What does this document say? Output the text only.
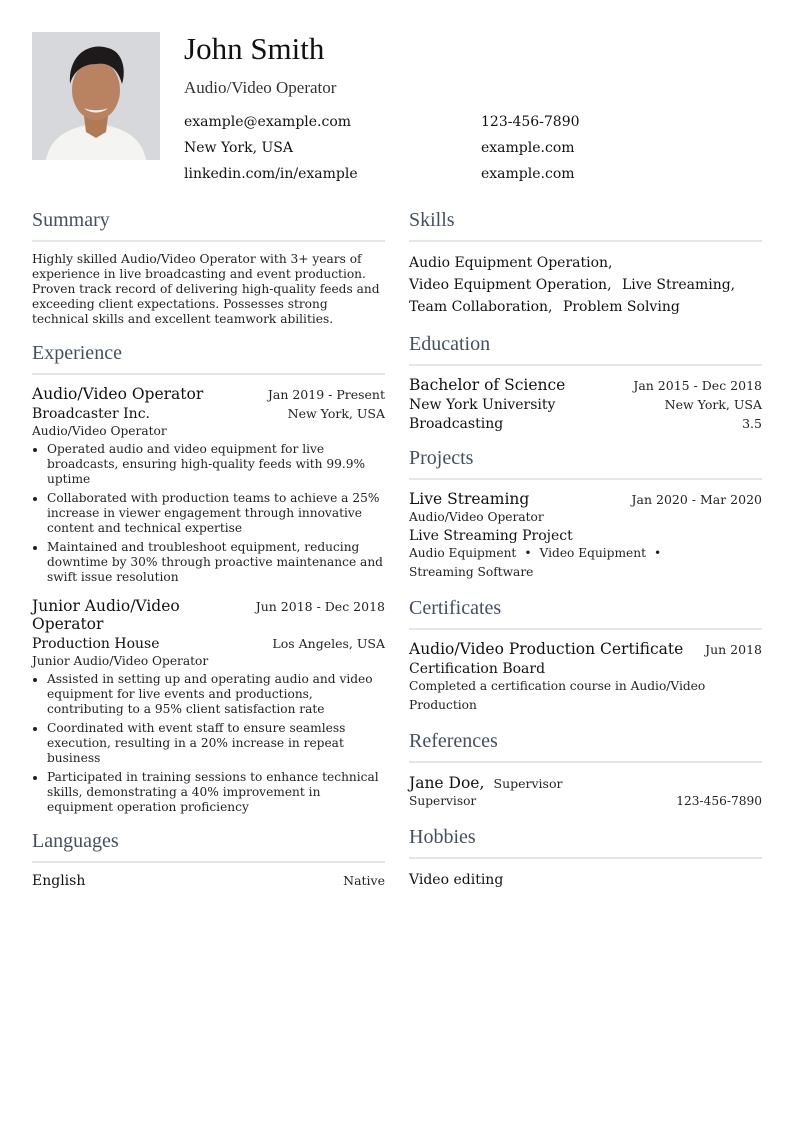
John Smith
Audio/Video Operator
example@example.com	123-456-7890
New York, USA	example.com
linkedin.com/in/example	example.com
Summary
Highly skilled Audio/Video Operator with 3+ years of experience in live broadcasting and event production. Proven track record of delivering high-quality feeds and exceeding client expectations. Possesses strong technical skills and excellent teamwork abilities.
Experience
Audio/Video Operator	Jan 2019 - Present
Broadcaster Inc.	New York, USA
Audio/Video Operator
• Operated audio and video equipment for live broadcasts, ensuring high-quality feeds with 99.9% uptime
• Collaborated with production teams to achieve a 25% increase in viewer engagement through innovative content and technical expertise
• Maintained and troubleshoot equipment, reducing downtime by 30% through proactive maintenance and swift issue resolution
Junior Audio/Video Operator
Jun 2018 - Dec 2018
Production House	Los Angeles, USA
Junior Audio/Video Operator
• Assisted in setting up and operating audio and video equipment for live events and productions, contributing to a 95% client satisfaction rate
• Coordinated with event staff to ensure seamless execution, resulting in a 20% increase in repeat business
• Participated in training sessions to enhance technical skills, demonstrating a 40% improvement in equipment operation proficiency
Languages
English	Native
Skills
Audio Equipment Operation,
Video Equipment Operation, Live Streaming,
Team Collaboration, Problem Solving
Education
Bachelor of Science	Jan 2015 - Dec 2018
New York University	New York, USA
Broadcasting	3.5
Projects
Live Streaming	Jan 2020 - Mar 2020
Audio/Video Operator
Live Streaming Project
Audio Equipment • Video Equipment •
Streaming Software
Certificates
Audio/Video Production Certificate Jun 2018
Certification Board
Completed a certification course in Audio/Video Production
References
Jane Doe, Supervisor
Supervisor	123-456-7890
Hobbies
Video editing
